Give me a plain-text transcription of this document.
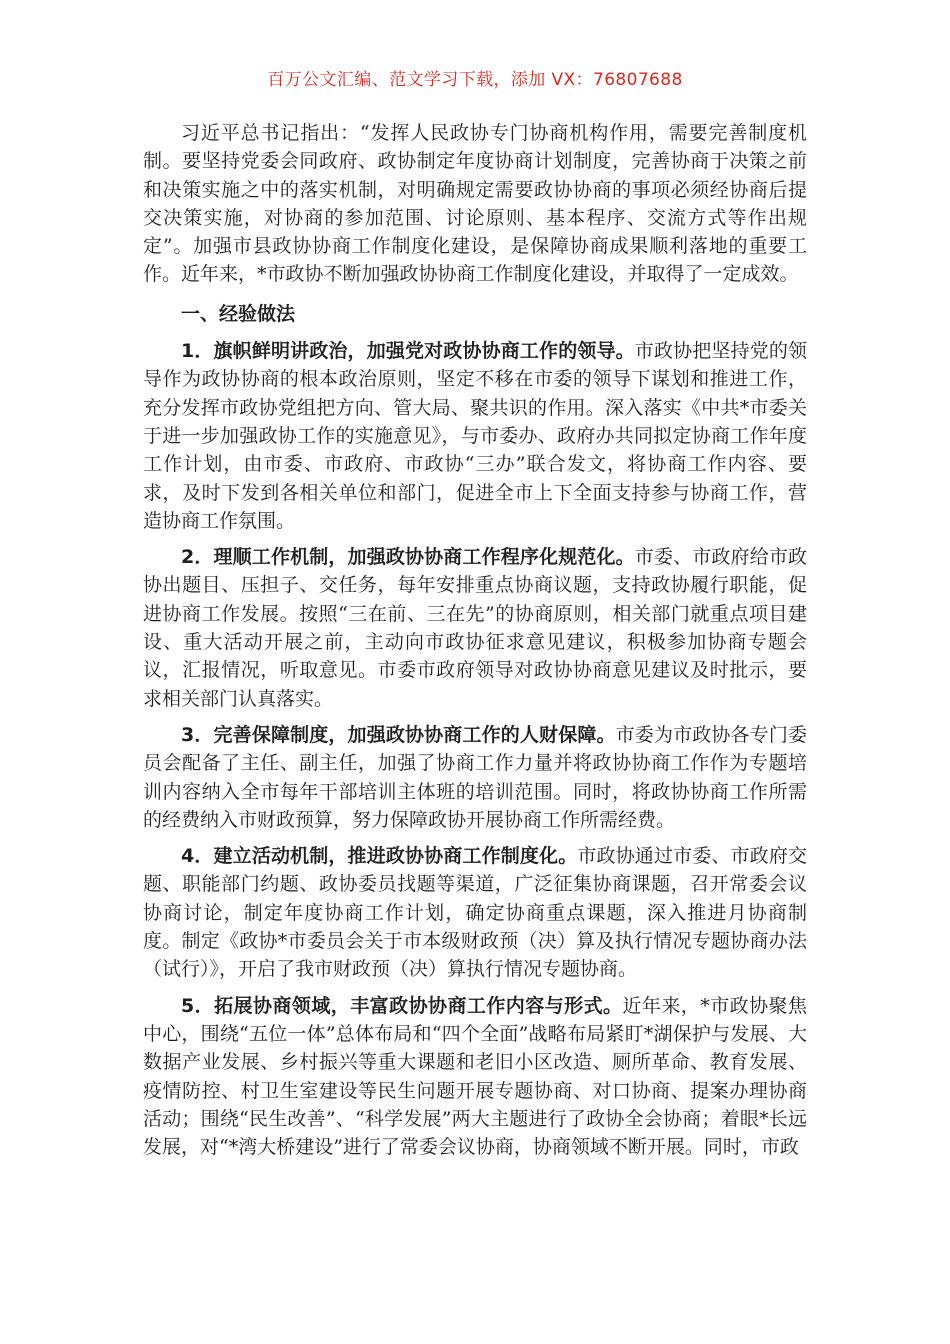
百万公文汇编、范文学习下载，添加 VX：76807688

习近平总书记指出：“发挥人民政协专门协商机构作用，需要完善制度机制。要坚持党委会同政府、政协制定年度协商计划制度，完善协商于决策之前和决策实施之中的落实机制，对明确规定需要政协协商的事项必须经协商后提交决策实施，对协商的参加范围、讨论原则、基本程序、交流方式等作出规定”。加强市县政协协商工作制度化建设，是保障协商成果顺利落地的重要工作。近年来，*市政协不断加强政协协商工作制度化建设，并取得了一定成效。

一、经验做法

1．旗帜鲜明讲政治，加强党对政协协商工作的领导。市政协把坚持党的领导作为政协协商的根本政治原则，坚定不移在市委的领导下谋划和推进工作，充分发挥市政协党组把方向、管大局、聚共识的作用。深入落实《中共*市委关于进一步加强政协工作的实施意见》，与市委办、政府办共同拟定协商工作年度工作计划，由市委、市政府、市政协“三办”联合发文，将协商工作内容、要求，及时下发到各相关单位和部门，促进全市上下全面支持参与协商工作，营造协商工作氛围。

2．理顺工作机制，加强政协协商工作程序化规范化。市委、市政府给市政协出题目、压担子、交任务，每年安排重点协商议题，支持政协履行职能，促进协商工作发展。按照“三在前、三在先”的协商原则，相关部门就重点项目建设、重大活动开展之前，主动向市政协征求意见建议，积极参加协商专题会议，汇报情况，听取意见。市委市政府领导对政协协商意见建议及时批示，要求相关部门认真落实。

3．完善保障制度，加强政协协商工作的人财保障。市委为市政协各专门委员会配备了主任、副主任，加强了协商工作力量并将政协协商工作作为专题培训内容纳入全市每年干部培训主体班的培训范围。同时，将政协协商工作所需的经费纳入市财政预算，努力保障政协开展协商工作所需经费。

4．建立活动机制，推进政协协商工作制度化。市政协通过市委、市政府交题、职能部门约题、政协委员找题等渠道，广泛征集协商课题，召开常委会议协商讨论，制定年度协商工作计划，确定协商重点课题，深入推进月协商制度。制定《政协*市委员会关于市本级财政预（决）算及执行情况专题协商办法（试行）》，开启了我市财政预（决）算执行情况专题协商。

5．拓展协商领域，丰富政协协商工作内容与形式。近年来，*市政协聚焦中心，围绕“五位一体”总体布局和“四个全面”战略布局紧盯*湖保护与发展、大数据产业发展、乡村振兴等重大课题和老旧小区改造、厕所革命、教育发展、疫情防控、村卫生室建设等民生问题开展专题协商、对口协商、提案办理协商活动；围绕“民生改善”、“科学发展”两大主题进行了政协全会协商；着眼*长远发展，对“*湾大桥建设”进行了常委会议协商，协商领域不断开展。同时，市政
